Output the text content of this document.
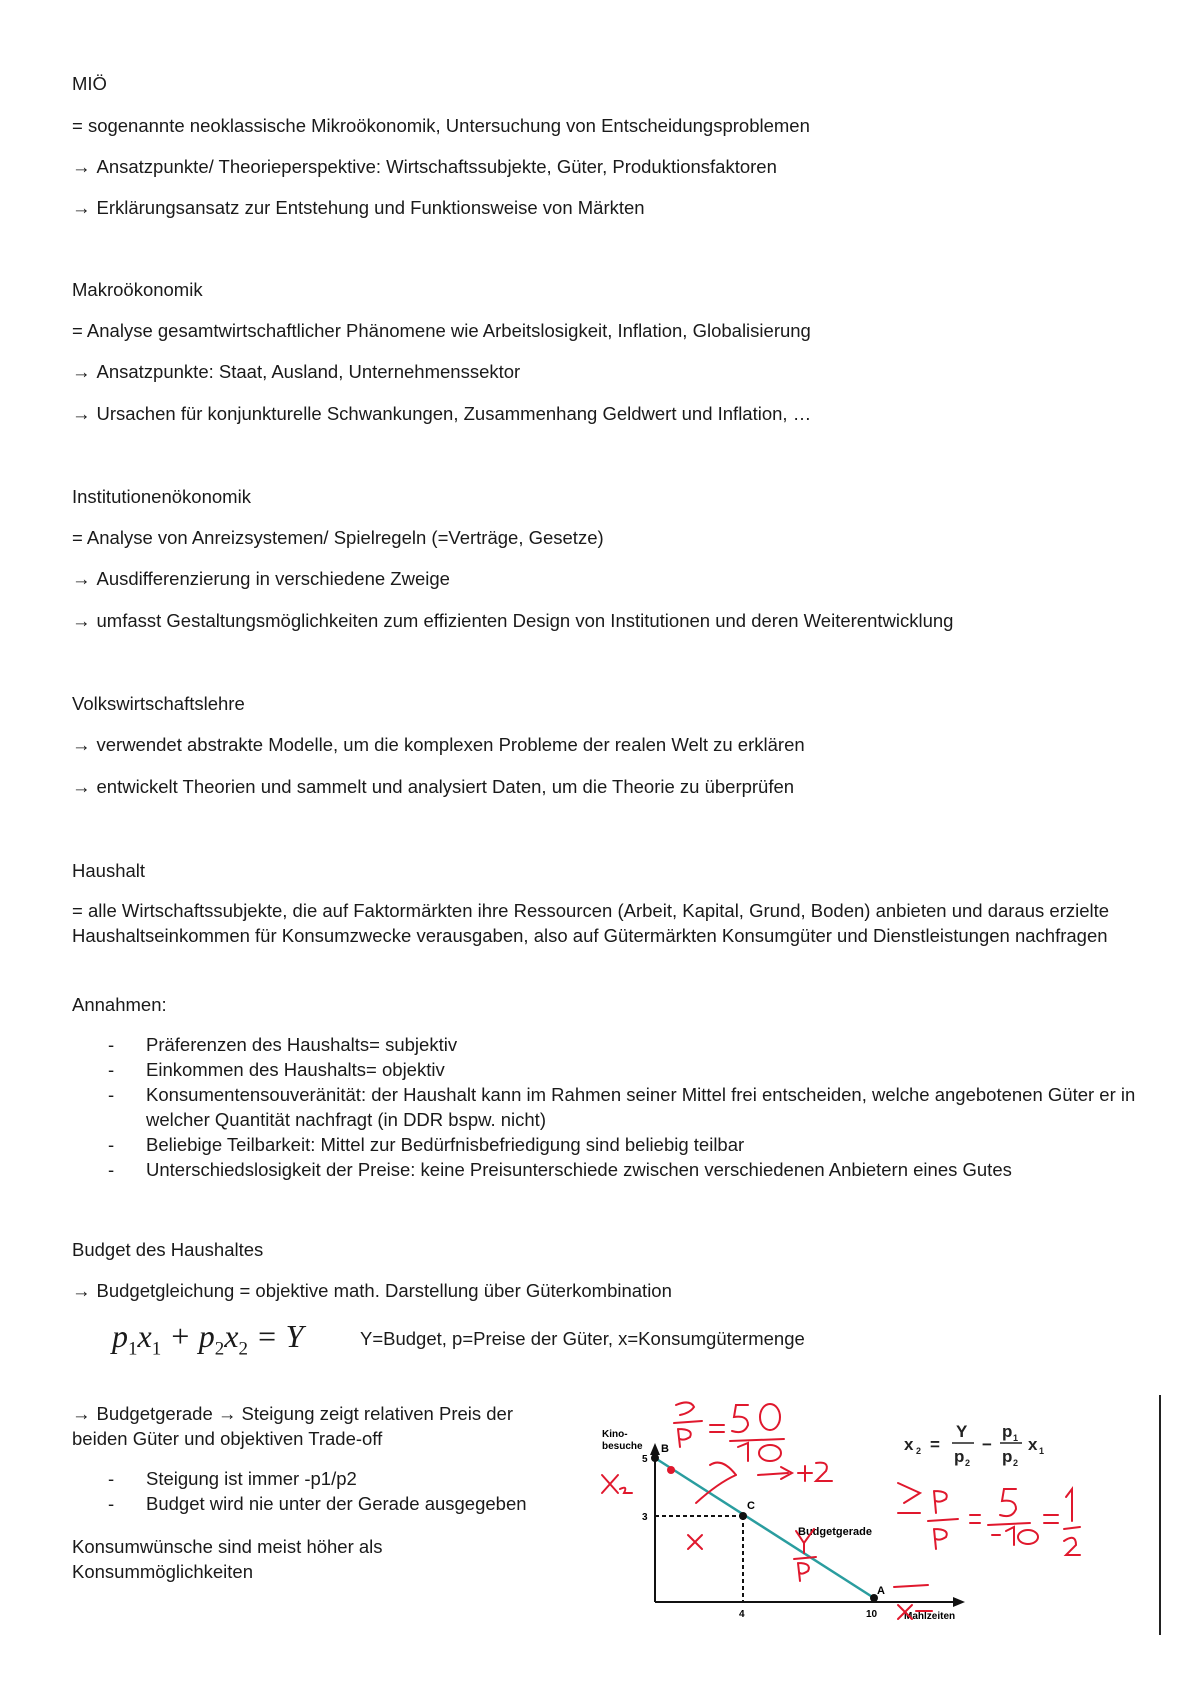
MIÖ
= sogenannte neoklassische Mikroökonomik, Untersuchung von Entscheidungsproblemen
→ Ansatzpunkte/ Theorieperspektive: Wirtschaftssubjekte, Güter, Produktionsfaktoren
→ Erklärungsansatz zur Entstehung und Funktionsweise von Märkten
Makroökonomik
= Analyse gesamtwirtschaftlicher Phänomene wie Arbeitslosigkeit, Inflation, Globalisierung
→ Ansatzpunkte: Staat, Ausland, Unternehmenssektor
→ Ursachen für konjunkturelle Schwankungen, Zusammenhang Geldwert und Inflation, …
Institutionenökonomik
= Analyse von Anreizsystemen/ Spielregeln (=Verträge, Gesetze)
→ Ausdifferenzierung in verschiedene Zweige
→ umfasst Gestaltungsmöglichkeiten zum effizienten Design von Institutionen und deren Weiterentwicklung
Volkswirtschaftslehre
→ verwendet abstrakte Modelle, um die komplexen Probleme der realen Welt zu erklären
→ entwickelt Theorien und sammelt und analysiert Daten, um die Theorie zu überprüfen
Haushalt
= alle Wirtschaftssubjekte, die auf Faktormärkten ihre Ressourcen (Arbeit, Kapital, Grund, Boden) anbieten und daraus erzielte Haushaltseinkommen für Konsumzwecke verausgaben, also auf Gütermärkten Konsumgüter und Dienstleistungen nachfragen
Annahmen:
- Präferenzen des Haushalts= subjektiv
- Einkommen des Haushalts= objektiv
- Konsumentensouveränität: der Haushalt kann im Rahmen seiner Mittel frei entscheiden, welche angebotenen Güter er in welcher Quantität nachfragt (in DDR bspw. nicht)
- Beliebige Teilbarkeit: Mittel zur Bedürfnisbefriedigung sind beliebig teilbar
- Unterschiedslosigkeit der Preise: keine Preisunterschiede zwischen verschiedenen Anbietern eines Gutes
Budget des Haushaltes
→ Budgetgleichung = objektive math. Darstellung über Güterkombination
$p_1x_1 + p_2x_2 = Y$	Y=Budget, p=Preise der Güter, x=Konsumgütermenge
→ Budgetgerade → Steigung zeigt relativen Preis der
beiden Güter und objektiven Trade-off
- Steigung ist immer -p1/p2
- Budget wird nie unter der Gerade ausgegeben
Konsumwünsche sind meist höher als
Konsummöglichkeiten
Kino-
besuche
Mahlzeiten
Budgetgerade
B
C
A
5
3
4	10
x 2 =
Y
p 2
−
p 1
p 2
x 1
